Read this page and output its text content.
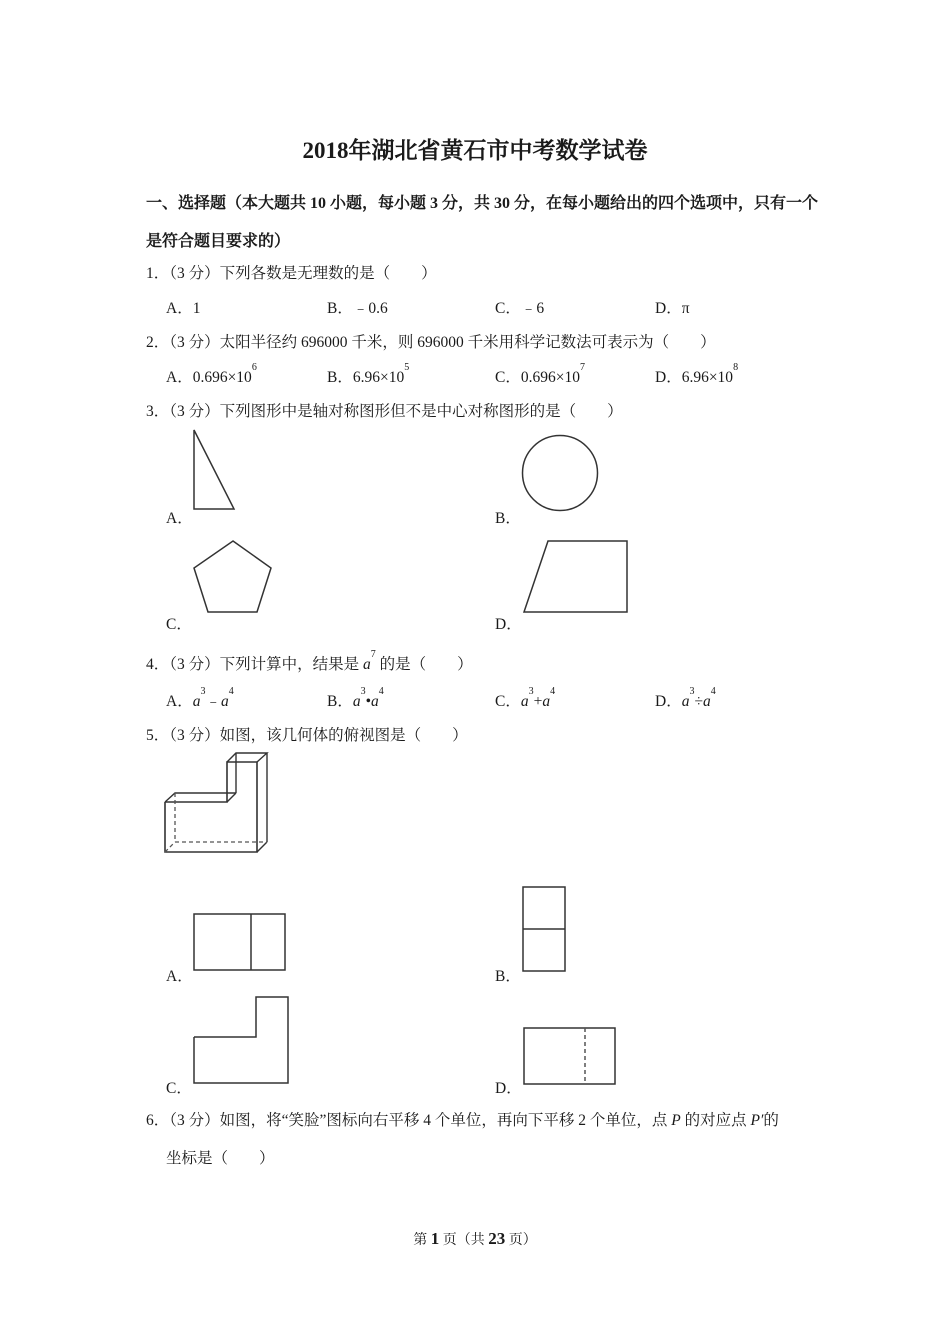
2018年湖北省黄石市中考数学试卷
一、选择题（本大题共 10 小题，每小题 3 分，共 30 分，在每小题给出的四个选项中，只有一个
是符合题目要求的）
1．（3 分）下列各数是无理数的是（　　）
A．1	B．﹣0.6	C．﹣6	D．π
2．（3 分）太阳半径约 696000 千米，则 696000 千米用科学记数法可表示为（　　）
A．$0.696\times 10^6$
B．$6.96\times 10^5$
C．$0.696\times 10^7$
D．$6.96\times 10^8$
3．（3 分）下列图形中是轴对称图形但不是中心对称图形的是（　　）
A．	B．
C．	D．
4．（3 分）下列计算中，结果是 $a^7$ 的是（　　）
A．$a^3﹣a^4$
B．$a^3•a^4$
C．$a^3+a^4$
D．$a^3\div a^4$
5．（3 分）如图，该几何体的俯视图是（　　）
A．	B．
C．	D．
6．（3 分）如图，将“笑脸”图标向右平移 4 个单位，再向下平移 2 个单位，点 P 的对应点 P′的
坐标是（　　）
第 1 页（共 23 页）
